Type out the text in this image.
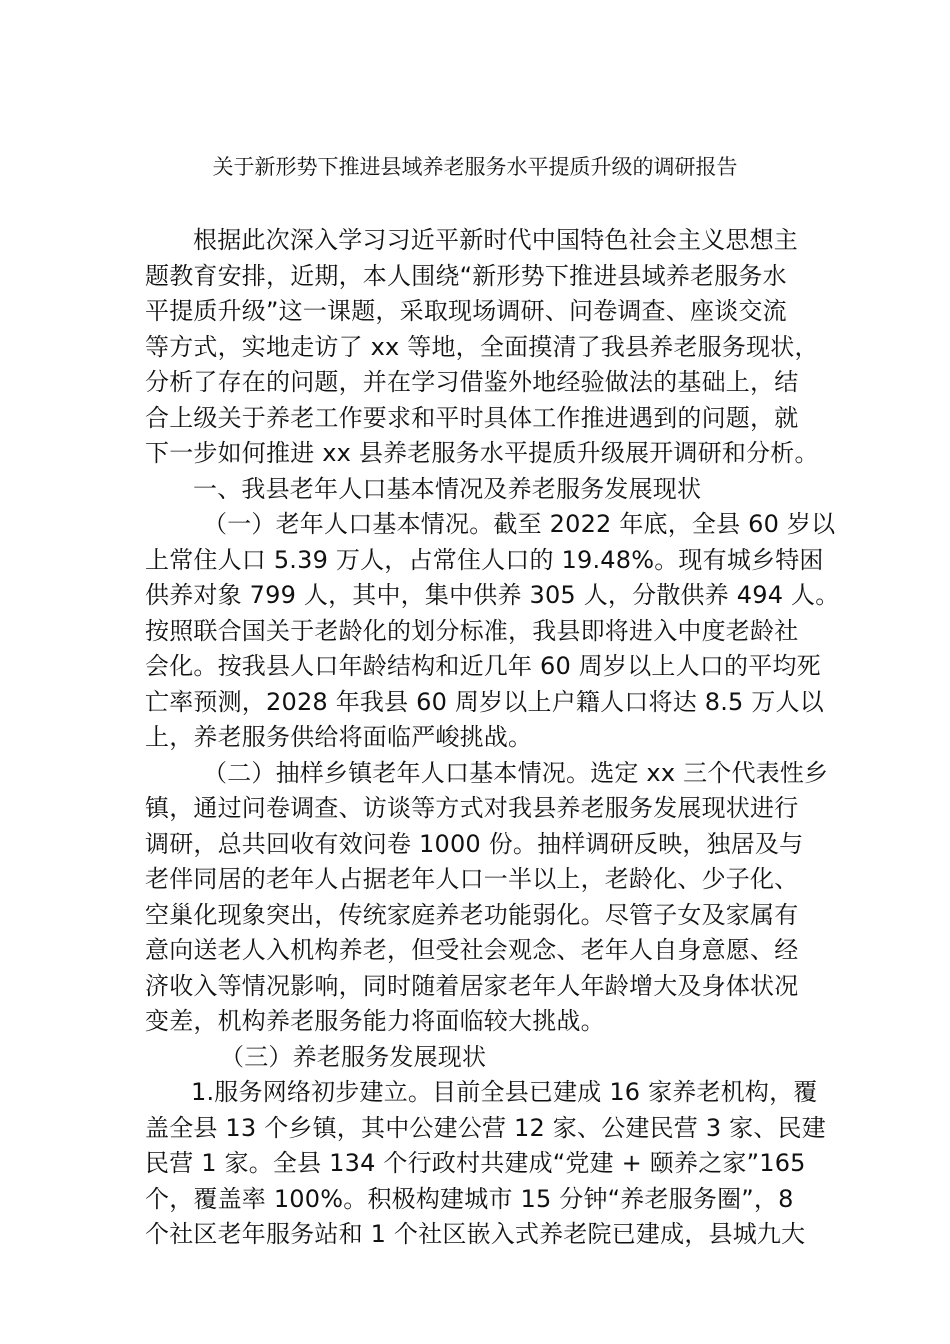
关于新形势下推进县域养老服务水平提质升级的调研报告
根据此次深入学习习近平新时代中国特色社会主义思想主
题教育安排，近期，本人围绕“新形势下推进县域养老服务水
平提质升级”这一课题，采取现场调研、问卷调查、座谈交流
等方式，实地走访了 xx 等地，全面摸清了我县养老服务现状，
分析了存在的问题，并在学习借鉴外地经验做法的基础上，结
合上级关于养老工作要求和平时具体工作推进遇到的问题，就
下一步如何推进 xx 县养老服务水平提质升级展开调研和分析。
一、我县老年人口基本情况及养老服务发展现状
（一）老年人口基本情况。截至 2022 年底，全县 60 岁以
上常住人口 5.39 万人，占常住人口的 19.48%。现有城乡特困
供养对象 799 人，其中，集中供养 305 人，分散供养 494 人。
按照联合国关于老龄化的划分标准，我县即将进入中度老龄社
会化。按我县人口年龄结构和近几年 60 周岁以上人口的平均死
亡率预测，2028 年我县 60 周岁以上户籍人口将达 8.5 万人以
上，养老服务供给将面临严峻挑战。
（二）抽样乡镇老年人口基本情况。选定 xx 三个代表性乡
镇，通过问卷调查、访谈等方式对我县养老服务发展现状进行
调研，总共回收有效问卷 1000 份。抽样调研反映，独居及与
老伴同居的老年人占据老年人口一半以上，老龄化、少子化、
空巢化现象突出，传统家庭养老功能弱化。尽管子女及家属有
意向送老人入机构养老，但受社会观念、老年人自身意愿、经
济收入等情况影响，同时随着居家老年人年龄增大及身体状况
变差，机构养老服务能力将面临较大挑战。
（三）养老服务发展现状
1.服务网络初步建立。目前全县已建成 16 家养老机构，覆
盖全县 13 个乡镇，其中公建公营 12 家、公建民营 3 家、民建
民营 1 家。全县 134 个行政村共建成“党建 + 颐养之家”165
个，覆盖率 100%。积极构建城市 15 分钟“养老服务圈”，8
个社区老年服务站和 1 个社区嵌入式养老院已建成，县城九大
